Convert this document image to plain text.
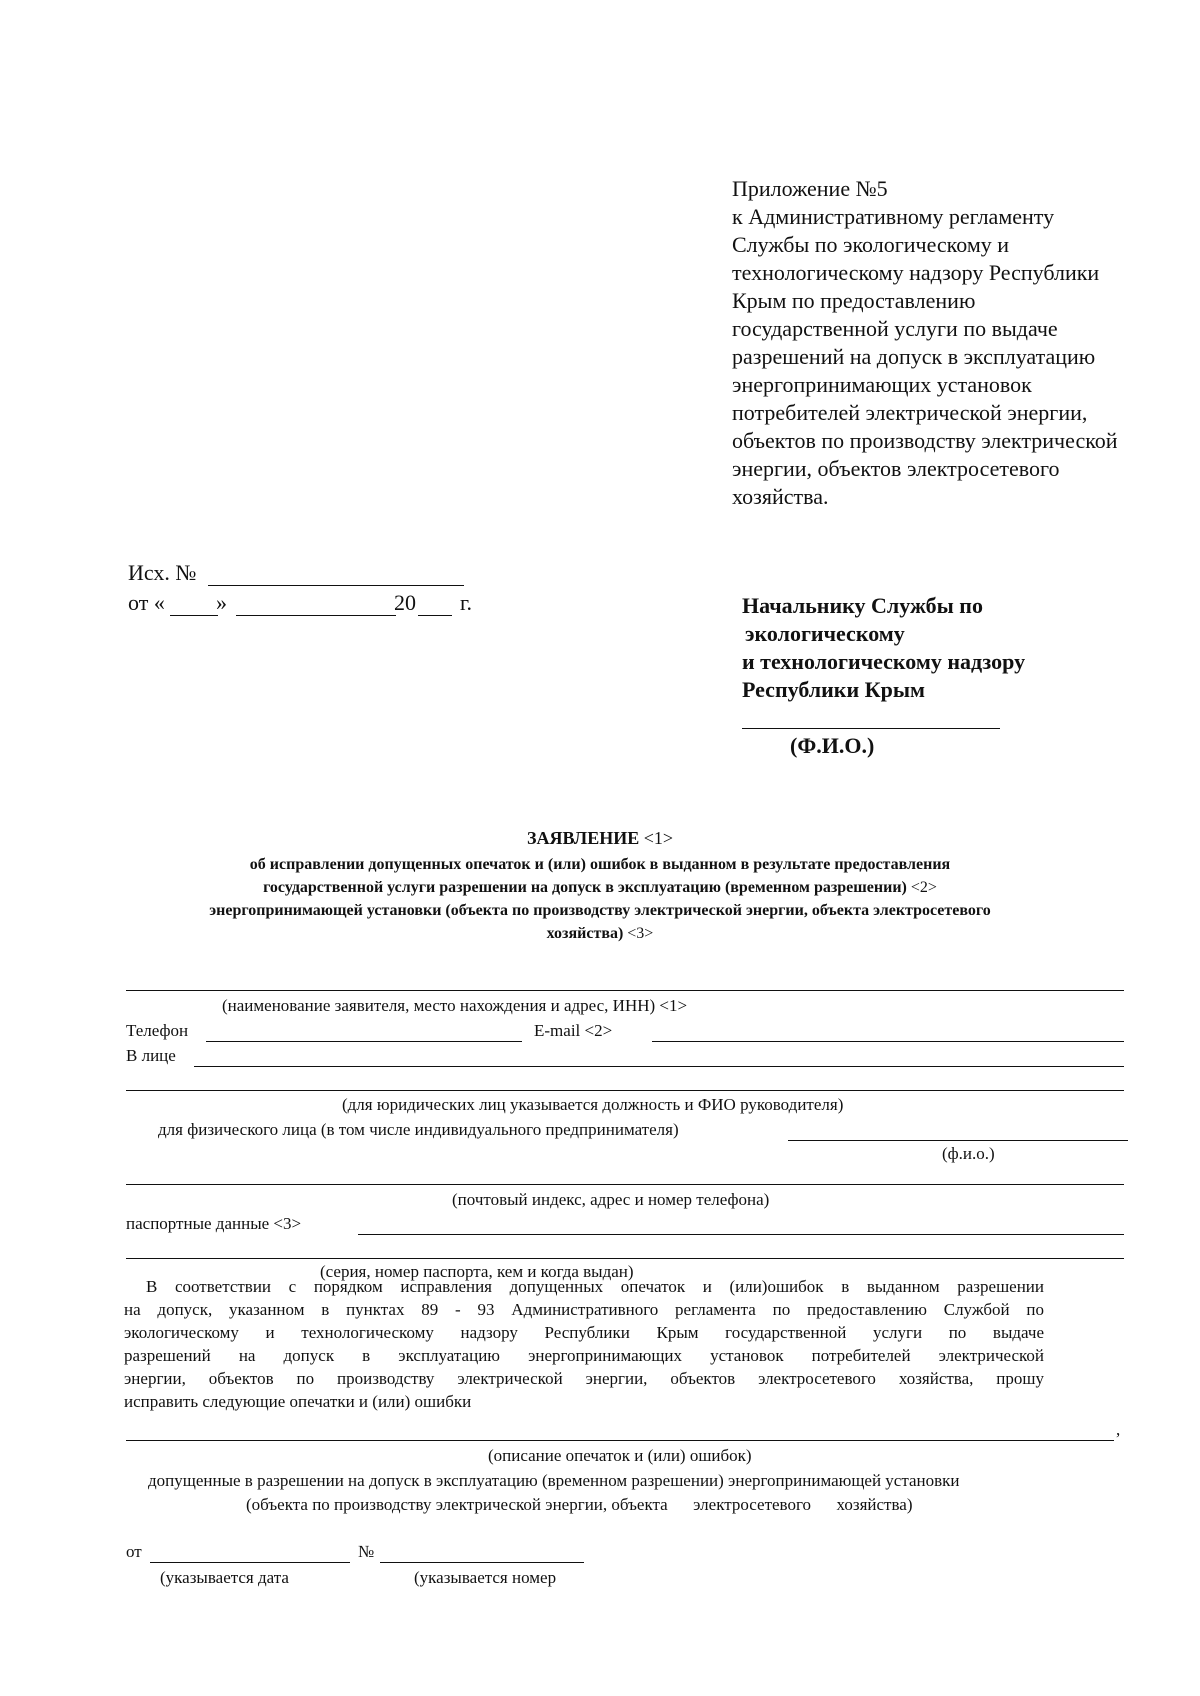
Приложение №5
к Административному регламенту
Службы по экологическому и
технологическому надзору Республики
Крым по предоставлению
государственной услуги по выдаче
разрешений на допуск в эксплуатацию
энергопринимающих установок
потребителей электрической энергии,
объектов по производству электрической
энергии, объектов электросетевого
хозяйства.
Исх. №
от « »	20 г.	Начальнику Службы по
экологическому
и технологическому надзору
Республики Крым
(Ф.И.О.)
ЗАЯВЛЕНИЕ <1>
об исправлении допущенных опечаток и (или) ошибок в выданном в результате предоставления
государственной услуги разрешении на допуск в эксплуатацию (временном разрешении) <2>
энергопринимающей установки (объекта по производству электрической энергии, объекта электросетевого
хозяйства) <3>
(наименование заявителя, место нахождения и адрес, ИНН) <1>
Телефон	E-mail <2>
В лице
(для юридических лиц указывается должность и ФИО руководителя)
для физического лица (в том числе индивидуального предпринимателя)
(ф.и.о.)
(почтовый индекс, адрес и номер телефона)
паспортные данные <3>
(серия, номер паспорта, кем и когда выдан)
В соответствии с порядком исправления допущенных опечаток и (или)ошибок в выданном разрешении
на допуск, указанном в пунктах 89 - 93 Административного регламента по предоставлению Службой по
экологическому и технологическому надзору Республики Крым государственной услуги по выдаче
разрешений на допуск в эксплуатацию энергопринимающих установок потребителей электрической
энергии, объектов по производству электрической энергии, объектов электросетевого хозяйства, прошу
исправить следующие опечатки и (или) ошибки
,
(описание опечаток и (или) ошибок)
допущенные в разрешении на допуск в эксплуатацию (временном разрешении) энергопринимающей установки
(объекта по производству электрической энергии, объекта      электросетевого      хозяйства)
от	№
(указывается дата	(указывается номер
